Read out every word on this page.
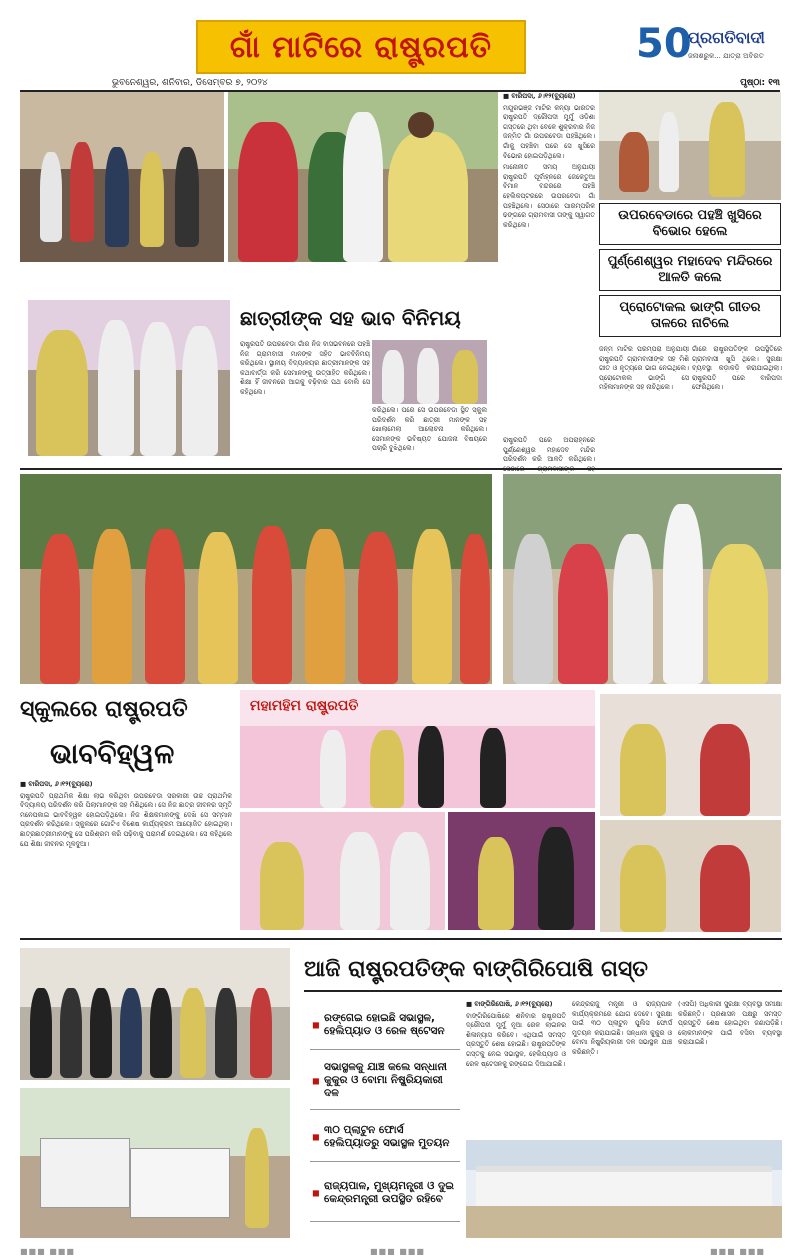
ଗାଁ ମାଟିରେ ରାଷ୍ଟ୍ରପତି	50
ପ୍ରଗତିବାଦୀ
ଜନାଶରୁକ... ଯାତ୍ରା ଅବିରତ
ଭୁବନେଶ୍ୱର, ଶନିବାର, ଡିସେମ୍ବର ୭, ୨୦୨୪	ପୃଷ୍ଠା: ୧୩

■ ବାରିପଦା, ୬।୧୨(ବ୍ୟୁରୋ)

ମୟୂରଭଞ୍ଜ ମାଟିର କନ୍ୟା ଭାରତର ରାଷ୍ଟ୍ରପତି ଦ୍ରୌପଦୀ ମୁର୍ମୁ ଓଡ଼ିଶା ଗସ୍ତରେ ଥିବା ବେଳେ ଶୁକ୍ରବାର ନିଜ ଜନ୍ମିତ ଗାଁ ଉପରବେଡା ପହଞ୍ଚିଥିଲେ। ଗାଁକୁ ପହଞ୍ଚିବା ପରେ ସେ ଖୁସିରେ ବିଭୋର ହୋଇପଡ଼ିଥିଲେ।

ମାନୋନୀତ ସମୟ ଅନୁଯାୟୀ ରାଷ୍ଟ୍ରପତି ପୂର୍ବାହ୍ନରେ ଜେକେତୁଆ ବିମାନ ବନ୍ଦରରେ ପହଞ୍ଚି ହେଲିକପ୍ଟରରେ ଉପରବେଡା ଗାଁ ପହଞ୍ଚିଥିଲେ। ସେଠାରେ ପାରମ୍ପରିକ ଢଙ୍ଗରେ ଗ୍ରାମବାସୀ ତାଙ୍କୁ ସ୍ୱାଗତ କରିଥିଲେ।

ଉପରବେଡାରେ ପହଞ୍ଚି ଖୁସିରେ ବିଭୋର ହେଲେ
ପୁର୍ଣ୍ଣେଶ୍ୱର ମହାଦେବ ମନ୍ଦିରରେ ଆଳତି କଲେ
ପ୍ରୋଟୋକଲ ଭାଙ୍ଗି ଗୀତର ତାଳରେ ନାଚିଲେ
ଛାତ୍ରୀଙ୍କ ସହ ଭାବ ବିନିମୟ
ରାଷ୍ଟ୍ରପତି ଉପରବେଡା ଗାଁର ନିଜ ବାସଭବନରେ ପହଞ୍ଚି ନିଜ ଗ୍ରାମବାସୀ ମାନଙ୍କ ସହିତ ଭାବବିନିମୟ କରିଥିଲେ। ସ୍ଥାନୀୟ ବିଦ୍ୟାଳୟର ଛାତ୍ରୀମାନଙ୍କ ସହ କଥାବାର୍ତ୍ତା କରି ସେମାନଙ୍କୁ ଉତ୍ସାହିତ କରିଥିଲେ। ଶିକ୍ଷା ହିଁ ଜୀବନରେ ଆଗକୁ ବଢ଼ିବାର ପଥ ବୋଲି ସେ କହିଥିଲେ।
କରିଥିଲେ। ପରେ ସେ ଉପରବେଡା ସ୍ଥିତ ସ୍କୁଲ ପରିଦର୍ଶନ କରି ଛାତ୍ରୀ ମାନଙ୍କ ସହ ଖୋଲାମେଲା ଆଲୋଚନା କରିଥିଲେ। ସେମାନଙ୍କ ଭବିଷ୍ୟତ ଯୋଜନା ବିଷୟରେ ପଚାରି ବୁଝିଥିଲେ।
ରାଷ୍ଟ୍ରପତି ପରେ ଅପରାହ୍ନରେ ପୁର୍ଣ୍ଣେଶ୍ୱର ମହାଦେବ ମନ୍ଦିର ପରିଦର୍ଶନ କରି ଆଳତି କରିଥିଲେ।
ଜନ୍ମ ମାଟିର ପରମ୍ପରା ଅନୁଯାୟୀ ରାଷ୍ଟ୍ରପତି ଗ୍ରାମବାସୀଙ୍କ ସହ ମିଶି ଗୀତ ଓ ନୃତ୍ୟରେ ଭାଗ ନେଇଥିଲେ। ପ୍ରୋଟୋକଲ ଭାଙ୍ଗି ସେ ମହିଳାମାନଙ୍କ ସହ ନାଚିଥିଲେ।
ଗାଁରେ ରାଷ୍ଟ୍ରପତିଙ୍କ ଉପସ୍ଥିତିରେ ଗ୍ରାମବାସୀ ଖୁସି ଥିଲେ। ସୁରକ୍ଷା ବ୍ୟବସ୍ଥା କଡ଼ାକଡ଼ି କରାଯାଇଥିଲା। ରାଷ୍ଟ୍ରପତି ପରେ ବାରିପଦା ଫେରିଥିଲେ।
ସ୍କୁଲରେ ରାଷ୍ଟ୍ରପତି
ଭାବବିହ୍ୱଳ

■ ବାରିପଦା, ୬।୧୨(ବ୍ୟୁରୋ)

ରାଷ୍ଟ୍ରପତି ପ୍ରାଥମିକ ଶିକ୍ଷା ଲାଭ କରିଥିବା ଉପରବେଡା ସରକାରୀ ଉଚ୍ଚ ପ୍ରାଥମିକ ବିଦ୍ୟାଳୟ ପରିଦର୍ଶନ କରି ପିଲାମାନଙ୍କ ସହ ମିଶିଥିଲେ। ସେ ନିଜ ଛାତ୍ର ଜୀବନର ସ୍ମୃତି ମନେପକାଇ ଭାବବିହ୍ୱଳ ହୋଇପଡ଼ିଥିଲେ। ନିଜ ଶିକ୍ଷକମାନଙ୍କୁ ଦେଖି ସେ ସମ୍ମାନ ପ୍ରଦର୍ଶନ କରିଥିଲେ। ସ୍କୁଲରେ ଗୋଟିଏ ବିଶେଷ କାର୍ଯ୍ୟକ୍ରମ ଆୟୋଜିତ ହୋଇଥିଲା। ଛାତ୍ରଛାତ୍ରୀମାନଙ୍କୁ ସେ ପରିଶ୍ରମ କରି ପଢ଼ିବାକୁ ପରାମର୍ଶ ଦେଇଥିଲେ। ସେ କହିଥିଲେ ଯେ ଶିକ୍ଷା ଜୀବନର ମୂଳଦୁଆ।

ମହାମହିମ ରାଷ୍ଟ୍ରପତି
ଆଜି ରାଷ୍ଟ୍ରପତିଙ୍କ ବାଙ୍ଗିରିପୋଷି ଗସ୍ତ
■ ରଙ୍ଗେଇ ହୋଇଛି ସଭାସ୍ଥଳ, ହେଲିପ୍ୟାଡ ଓ ରେଳ ଷ୍ଟେସନ
■ ସଭାସ୍ଥଳକୁ ଯାଞ୍ଚ କଲେ ସନ୍ଧାନୀ କୁକୁର ଓ ବୋମା ନିଷ୍କ୍ରିୟକାରୀ ଦଳ
■ ୩୦ ପ୍ଲାଟୁନ ଫୋର୍ସ ହେଲିପ୍ୟାଡରୁ ସଭାସ୍ଥଳ ମୁତୟନ
■ ରାଜ୍ୟପାଳ, ମୁଖ୍ୟମନ୍ତ୍ରୀ ଓ ଦୁଇ କେନ୍ଦ୍ରମନ୍ତ୍ରୀ ଉପସ୍ଥିତ ରହିବେ

■ ବାଙ୍ଗିରିପୋଷି, ୬।୧୨(ବ୍ୟୁରୋ)

ବାଙ୍ଗିରିପୋଷିରେ ଶନିବାର ରାଷ୍ଟ୍ରପତି ଦ୍ରୌପଦୀ ମୁର୍ମୁ ନୂଆ ରେଳ ଲାଇନର ଶିଳାନ୍ୟାସ କରିବେ। ଏଥିପାଇଁ ସମସ୍ତ ପ୍ରସ୍ତୁତି ଶେଷ ହୋଇଛି। ରାଷ୍ଟ୍ରପତିଙ୍କ ଗସ୍ତକୁ ନେଇ ସଭାସ୍ଥଳ, ହେଲିପ୍ୟାଡ ଓ ରେଳ ଷ୍ଟେସନକୁ ରଙ୍ଗେଇ ଦିଆଯାଇଛି।

କେନ୍ଦ୍ରରାଜୁ ମନ୍ତ୍ରୀ ଓ ରାଜ୍ୟପାଳ କାର୍ଯ୍ୟକ୍ରମରେ ଯୋଗ ଦେବେ। ସୁରକ୍ଷା ପାଇଁ ୩୦ ପ୍ଲାଟୁନ ପୁଲିସ ଫୋର୍ସ ମୁତୟନ କରାଯାଇଛି। ସନ୍ଧାନୀ କୁକୁର ଓ ବୋମା ନିଷ୍କ୍ରିୟକାରୀ ଦଳ ସଭାସ୍ଥଳ ଯାଞ୍ଚ କରିଛନ୍ତି।
(ଏସପି) ଅଧିକାରୀ ସୁରକ୍ଷା ବ୍ୟବସ୍ଥା ସମୀକ୍ଷା କରିଛନ୍ତି। ପ୍ରଶାସନ ପକ୍ଷରୁ ସମସ୍ତ ପ୍ରସ୍ତୁତି ଶେଷ ହୋଇଥିବା ଜଣାପଡ଼ିଛି। ଲୋକମାନଙ୍କ ପାଇଁ ବସିବା ବ୍ୟବସ୍ଥା କରାଯାଇଛି।
■■■ ■■■	■■■ ■■■	■■■ ■■■
